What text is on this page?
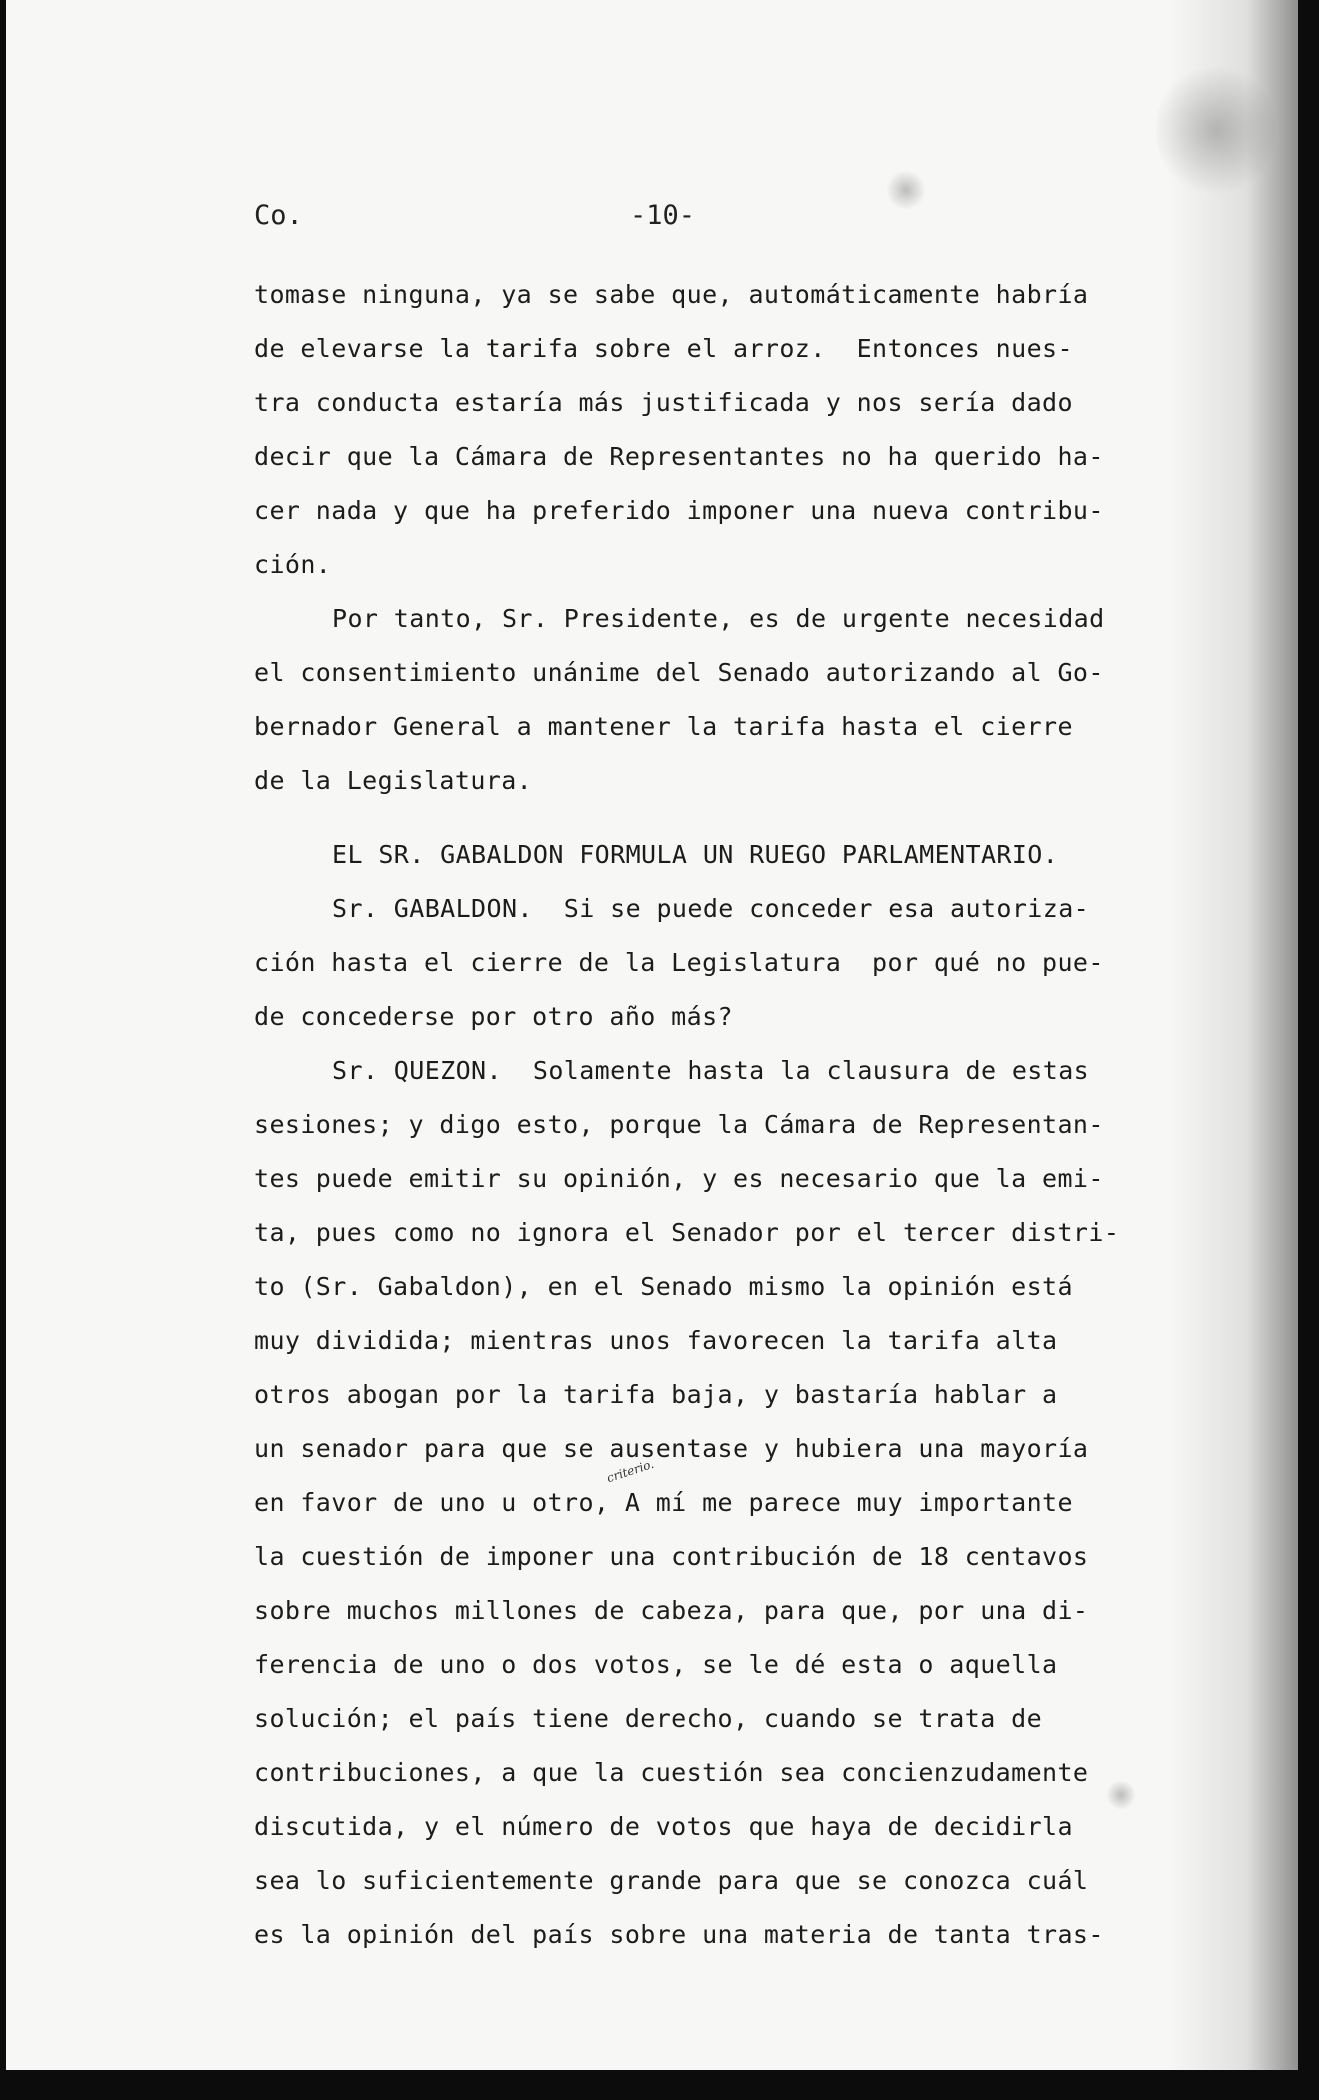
Co.	-10-
tomase ninguna, ya se sabe que, automáticamente habría
de elevarse la tarifa sobre el arroz.  Entonces nues-
tra conducta estaría más justificada y nos sería dado
decir que la Cámara de Representantes no ha querido ha-
cer nada y que ha preferido imponer una nueva contribu-
ción.
Por tanto, Sr. Presidente, es de urgente necesidad
el consentimiento unánime del Senado autorizando al Go-
bernador General a mantener la tarifa hasta el cierre
de la Legislatura.
EL SR. GABALDON FORMULA UN RUEGO PARLAMENTARIO.
Sr. GABALDON.  Si se puede conceder esa autoriza-
ción hasta el cierre de la Legislatura  por qué no pue-
de concederse por otro año más?
Sr. QUEZON.  Solamente hasta la clausura de estas
sesiones; y digo esto, porque la Cámara de Representan-
tes puede emitir su opinión, y es necesario que la emi-
ta, pues como no ignora el Senador por el tercer distri-
to (Sr. Gabaldon), en el Senado mismo la opinión está
muy dividida; mientras unos favorecen la tarifa alta
otros abogan por la tarifa baja, y bastaría hablar a
un senador para que se ausentase y hubiera una mayoría
en favor de uno u otro, A mí me parece muy importante
la cuestión de imponer una contribución de 18 centavos
sobre muchos millones de cabeza, para que, por una di-
ferencia de uno o dos votos, se le dé esta o aquella
solución; el país tiene derecho, cuando se trata de
contribuciones, a que la cuestión sea concienzudamente
discutida, y el número de votos que haya de decidirla
sea lo suficientemente grande para que se conozca cuál
es la opinión del país sobre una materia de tanta tras-
criterio.
